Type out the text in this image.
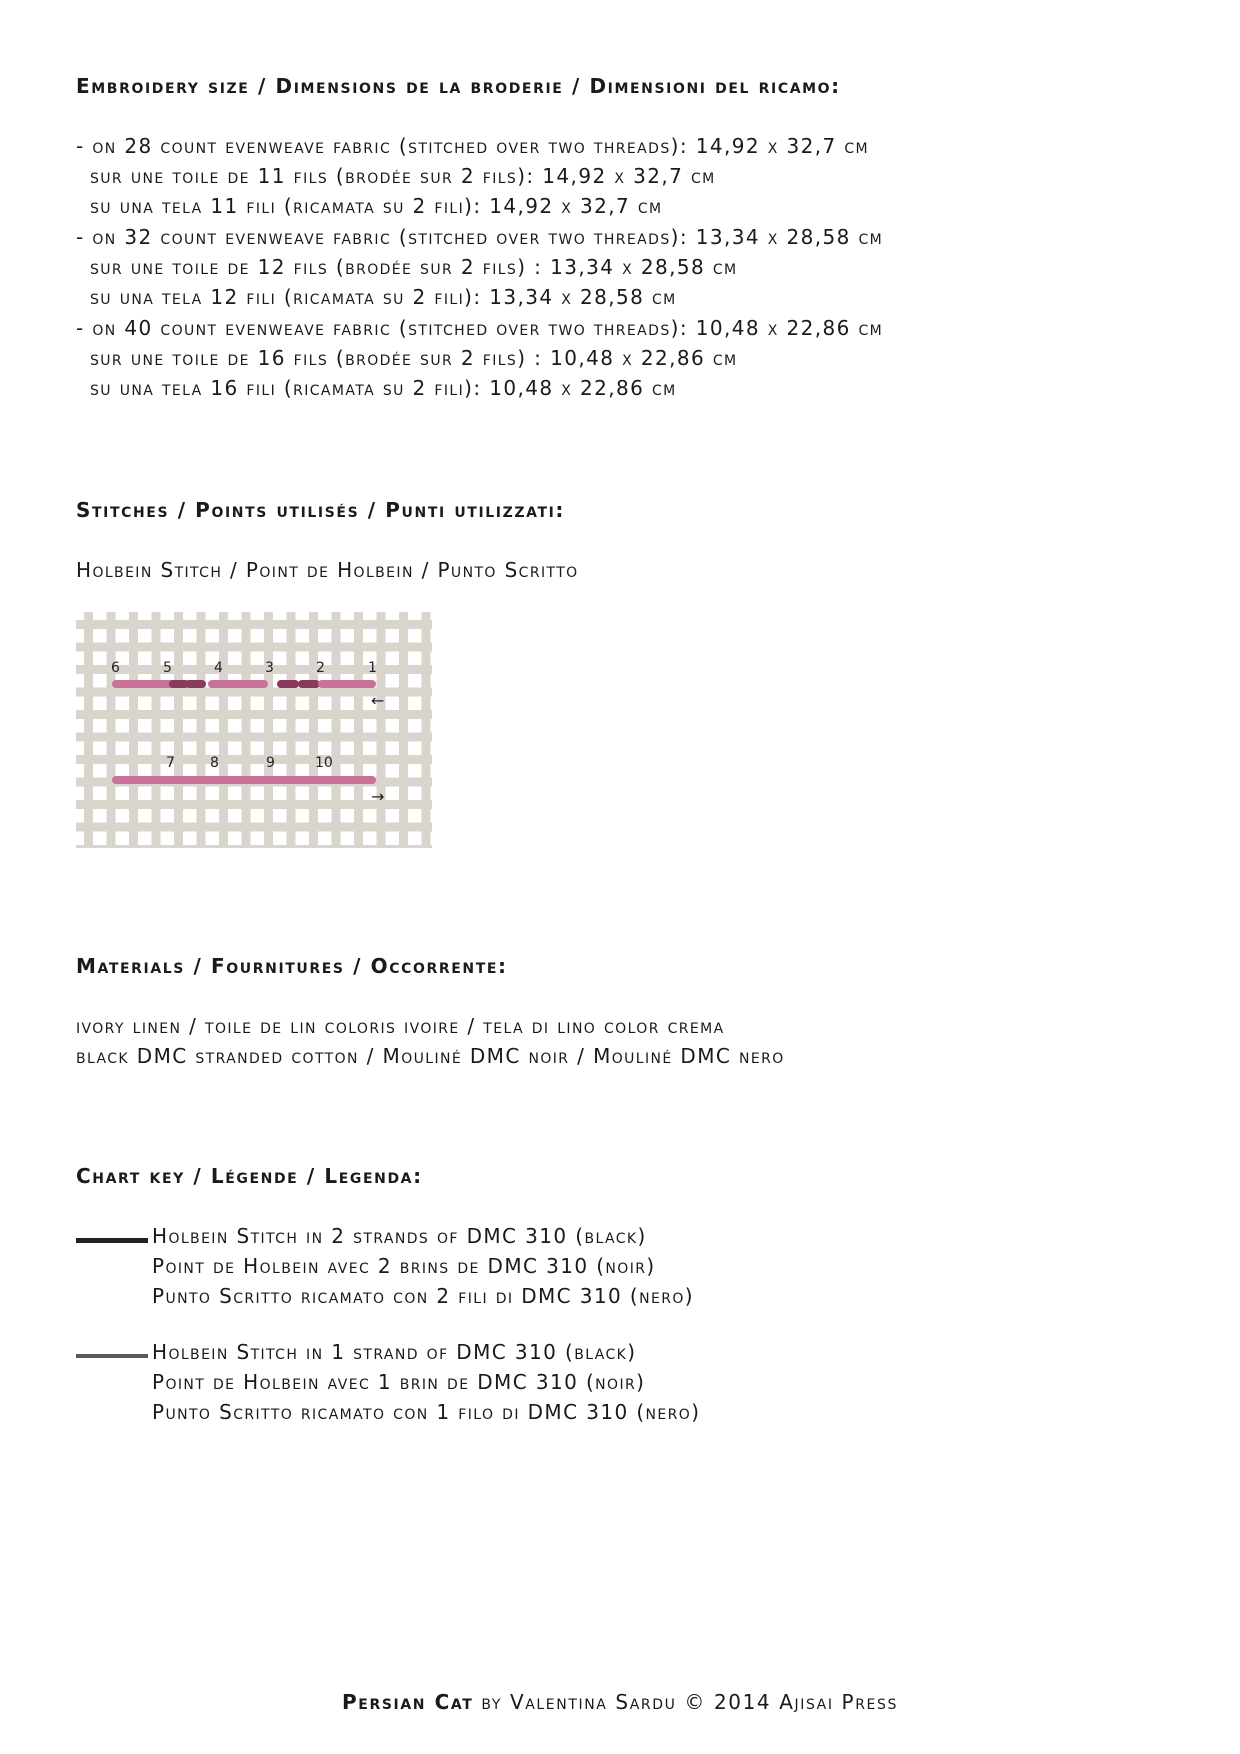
Embroidery size / Dimensions de la broderie / Dimensioni del ricamo:
- on 28 count evenweave fabric (stitched over two threads): 14,92 x 32,7 cm
sur une toile de 11 fils (brodée sur 2 fils): 14,92 x 32,7 cm
su una tela 11 fili (ricamata su 2 fili): 14,92 x 32,7 cm
- on 32 count evenweave fabric (stitched over two threads): 13,34 x 28,58 cm
sur une toile de 12 fils (brodée sur 2 fils) : 13,34 x 28,58 cm
su una tela 12 fili (ricamata su 2 fili): 13,34 x 28,58 cm
- on 40 count evenweave fabric (stitched over two threads): 10,48 x 22,86 cm
sur une toile de 16 fils (brodée sur 2 fils) : 10,48 x 22,86 cm
su una tela 16 fili (ricamata su 2 fili): 10,48 x 22,86 cm
Stitches / Points utilisés / Punti utilizzati:
Holbein Stitch / Point de Holbein / Punto Scritto
6	5	4	3	2	1
7	8	9	10
←
→
Materials / Fournitures / Occorrente:
ivory linen / toile de lin coloris ivoire / tela di lino color crema
black DMC stranded cotton / Mouliné DMC noir / Mouliné DMC nero
Chart key / Légende / Legenda:
Holbein Stitch in 2 strands of DMC 310 (black)
Point de Holbein avec 2 brins de DMC 310 (noir)
Punto Scritto ricamato con 2 fili di DMC 310 (nero)
Holbein Stitch in 1 strand of DMC 310 (black)
Point de Holbein avec 1 brin de DMC 310 (noir)
Punto Scritto ricamato con 1 filo di DMC 310 (nero)
Persian Cat by Valentina Sardu © 2014 Ajisai Press
